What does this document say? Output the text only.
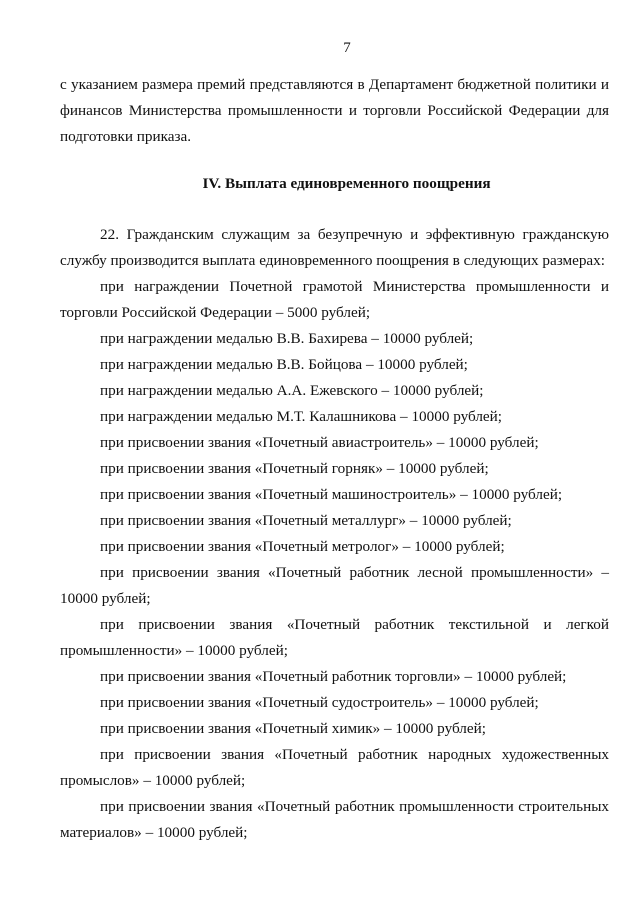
7

с указанием размера премий представляются в Департамент бюджетной политики и финансов Министерства промышленности и торговли Российской Федерации для подготовки приказа.

IV. Выплата единовременного поощрения

22. Гражданским служащим за безупречную и эффективную гражданскую службу производится выплата единовременного поощрения в следующих размерах:

при награждении Почетной грамотой Министерства промышленности и торговли Российской Федерации – 5000 рублей;

при награждении медалью В.В. Бахирева – 10000 рублей;

при награждении медалью В.В. Бойцова – 10000 рублей;

при награждении медалью А.А. Ежевского – 10000 рублей;

при награждении медалью М.Т. Калашникова – 10000 рублей;

при присвоении звания «Почетный авиастроитель» – 10000 рублей;

при присвоении звания «Почетный горняк» – 10000 рублей;

при присвоении звания «Почетный машиностроитель» – 10000 рублей;

при присвоении звания «Почетный металлург» – 10000 рублей;

при присвоении звания «Почетный метролог» – 10000 рублей;

при присвоении звания «Почетный работник лесной промышленности» – 10000 рублей;

при присвоении звания «Почетный работник текстильной и легкой промышленности» – 10000 рублей;

при присвоении звания «Почетный работник торговли» – 10000 рублей;

при присвоении звания «Почетный судостроитель» – 10000 рублей;

при присвоении звания «Почетный химик» – 10000 рублей;

при присвоении звания «Почетный работник народных художественных промыслов» – 10000 рублей;

при присвоении звания «Почетный работник промышленности строительных материалов» – 10000 рублей;
